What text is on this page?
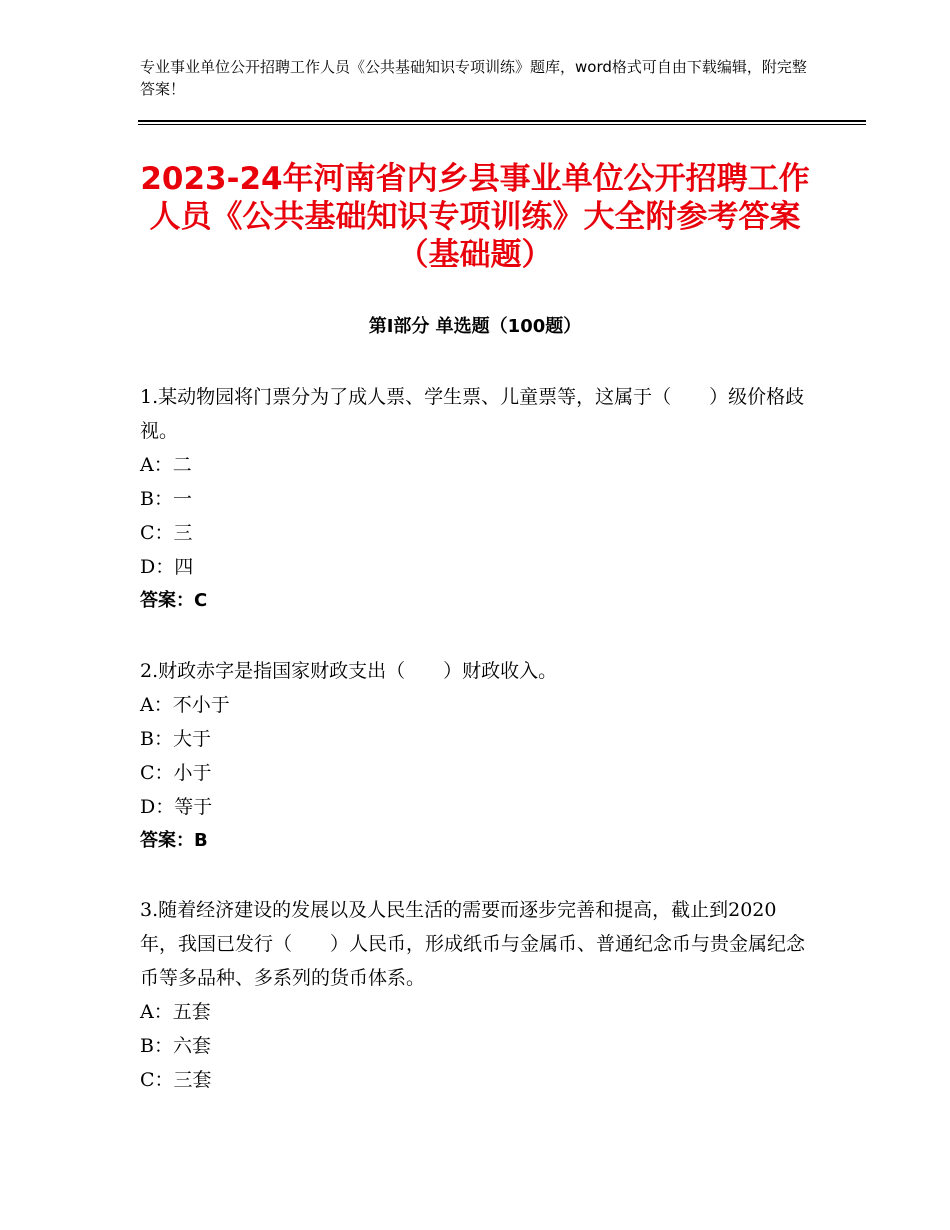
专业事业单位公开招聘工作人员《公共基础知识专项训练》题库，word格式可自由下载编辑，附完整答案！
2023-24年河南省内乡县事业单位公开招聘工作人员《公共基础知识专项训练》大全附参考答案（基础题）
第Ⅰ部分 单选题（100题）

1.某动物园将门票分为了成人票、学生票、儿童票等，这属于（　　）级价格歧视。

A：二

B：一

C：三

D：四

答案：C

2.财政赤字是指国家财政支出（　　）财政收入。

A：不小于

B：大于

C：小于

D：等于

答案：B

3.随着经济建设的发展以及人民生活的需要而逐步完善和提高，截止到2020年，我国已发行（　　）人民币，形成纸币与金属币、普通纪念币与贵金属纪念币等多品种、多系列的货币体系。

A：五套

B：六套

C：三套
